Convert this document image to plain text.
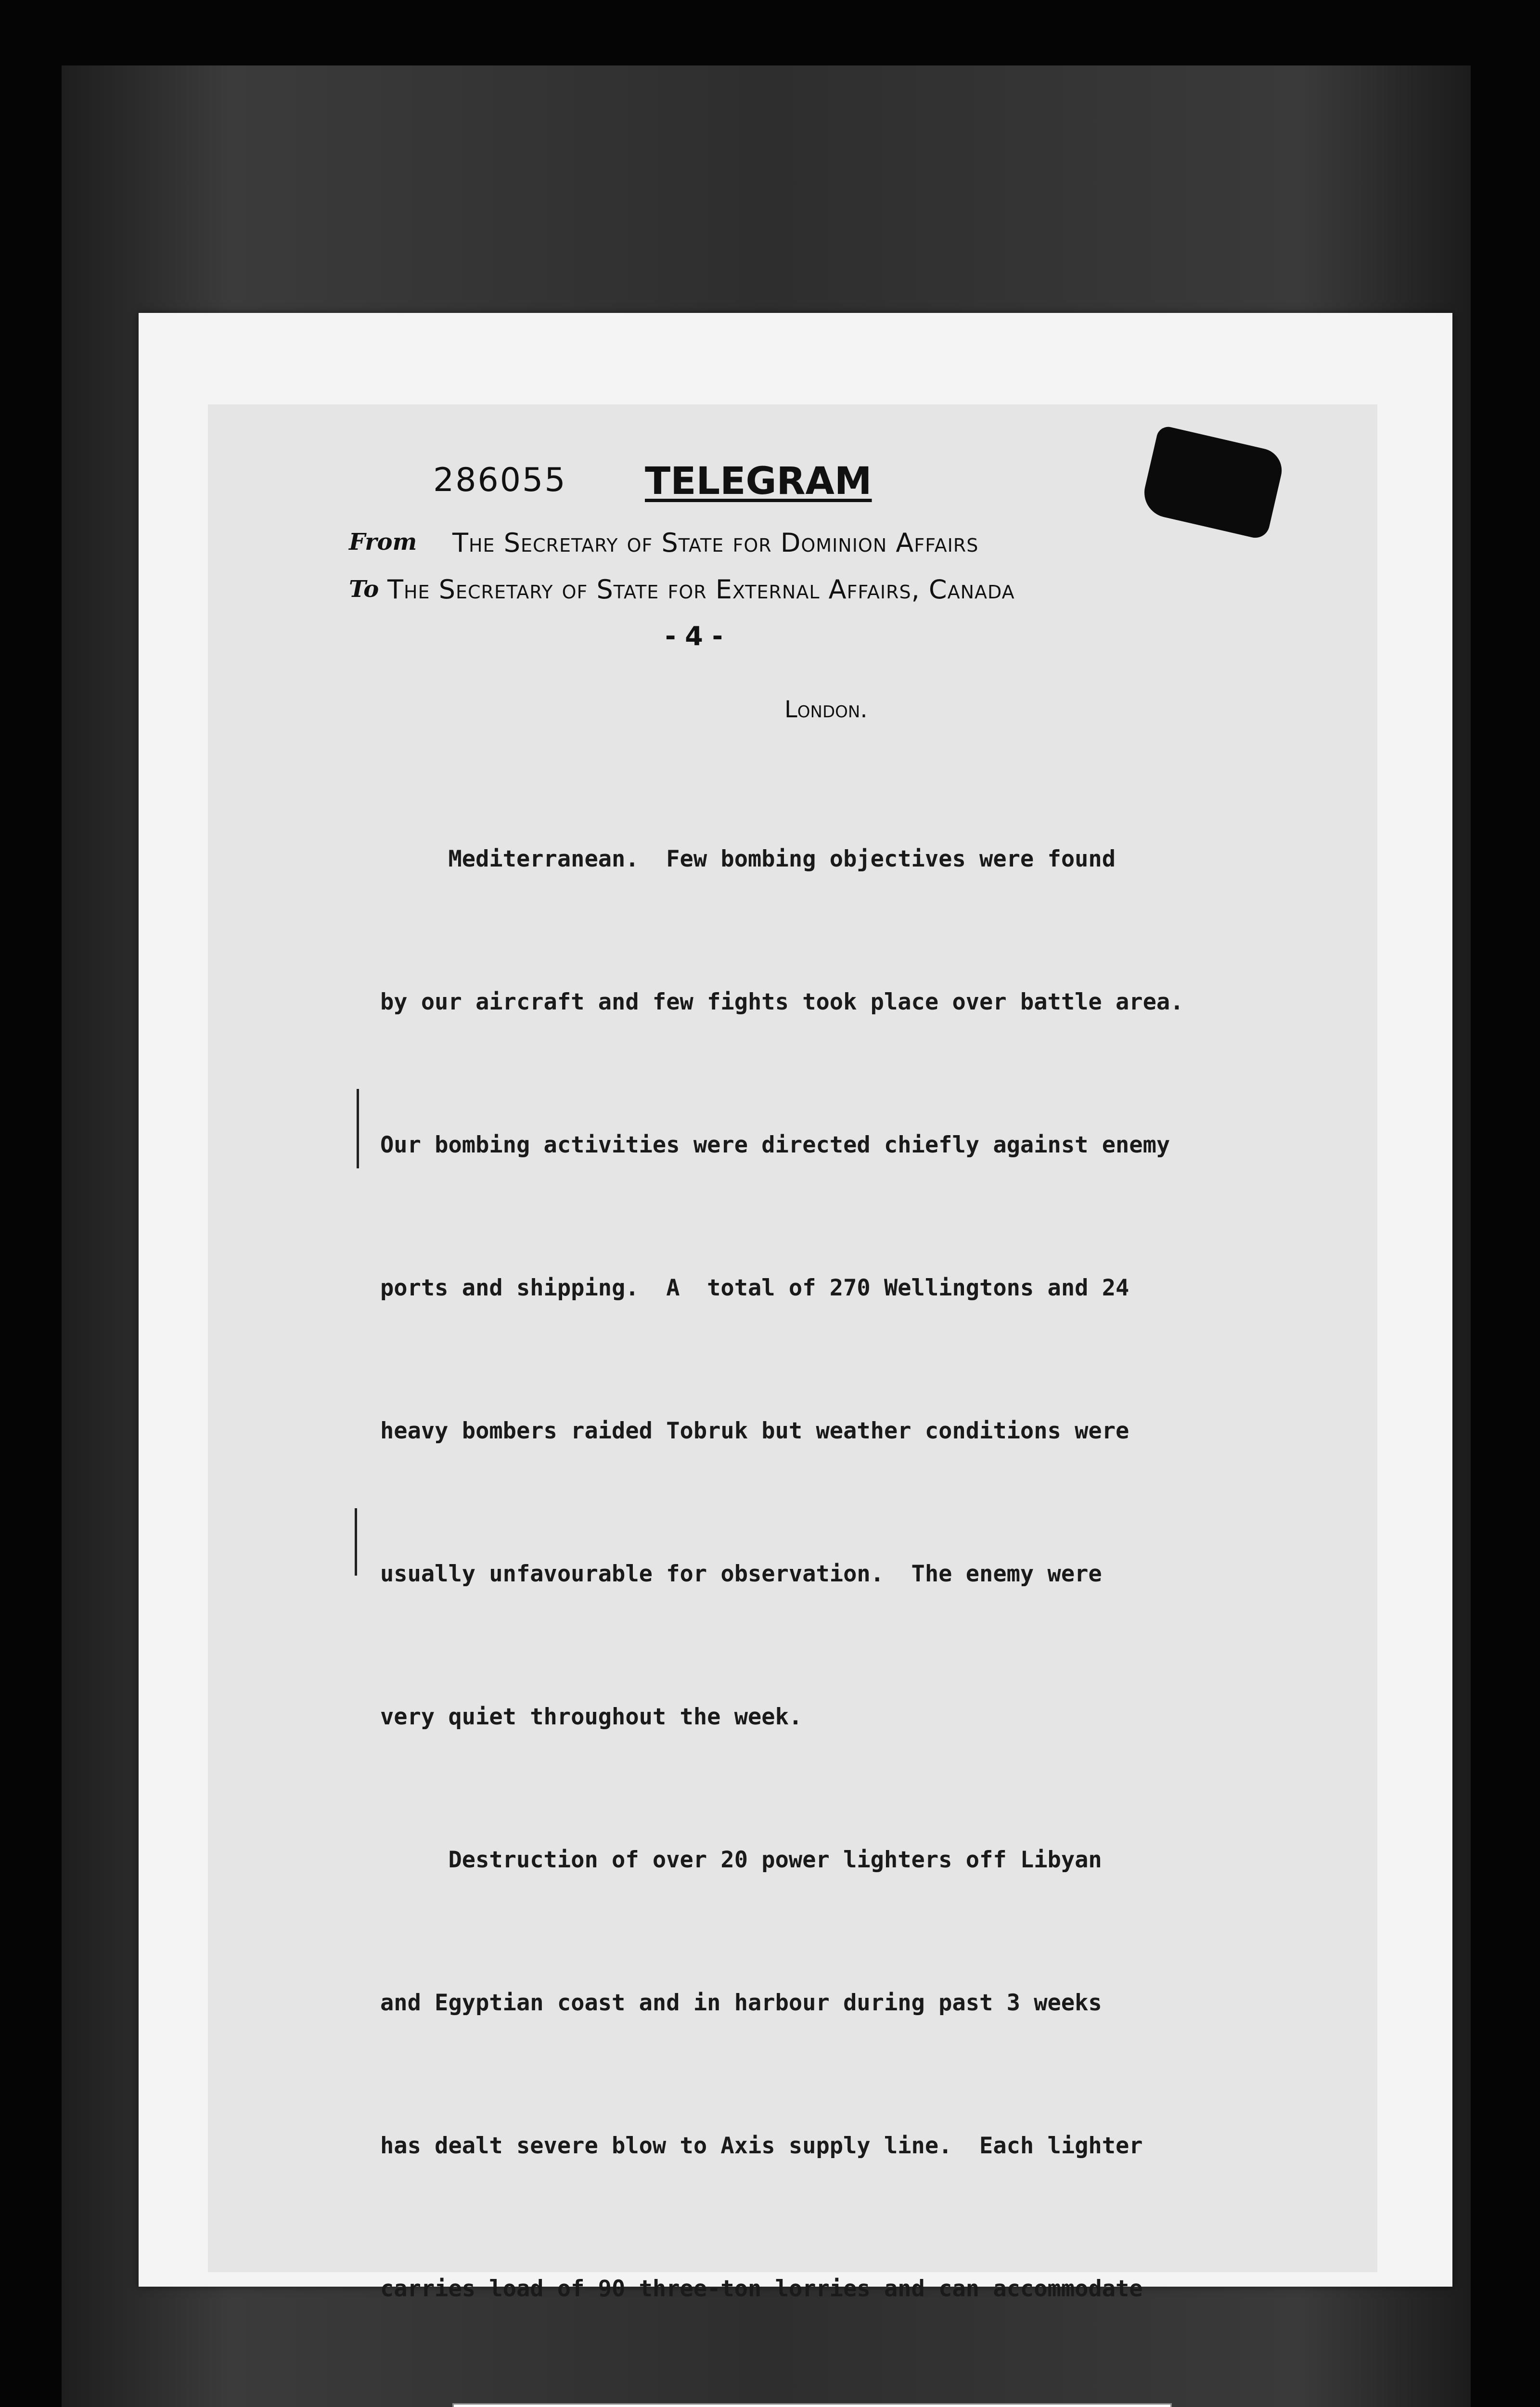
286055 TELEGRAM
From The Secretary of State for Dominion Affairs
To The Secretary of State for External Affairs, Canada
- 4 -
London.

Mediterranean.  Few bombing objectives were found

by our aircraft and few fights took place over battle area.

Our bombing activities were directed chiefly against enemy

ports and shipping.  A  total of 270 Wellingtons and 24

heavy bombers raided Tobruk but weather conditions were

usually unfavourable for observation.  The enemy were

very quiet throughout the week.

Destruction of over 20 power lighters off Libyan

and Egyptian coast and in harbour during past 3 weeks

has dealt severe blow to Axis supply line.  Each lighter

carries load of 90 three-ton lorries and can accommodate
